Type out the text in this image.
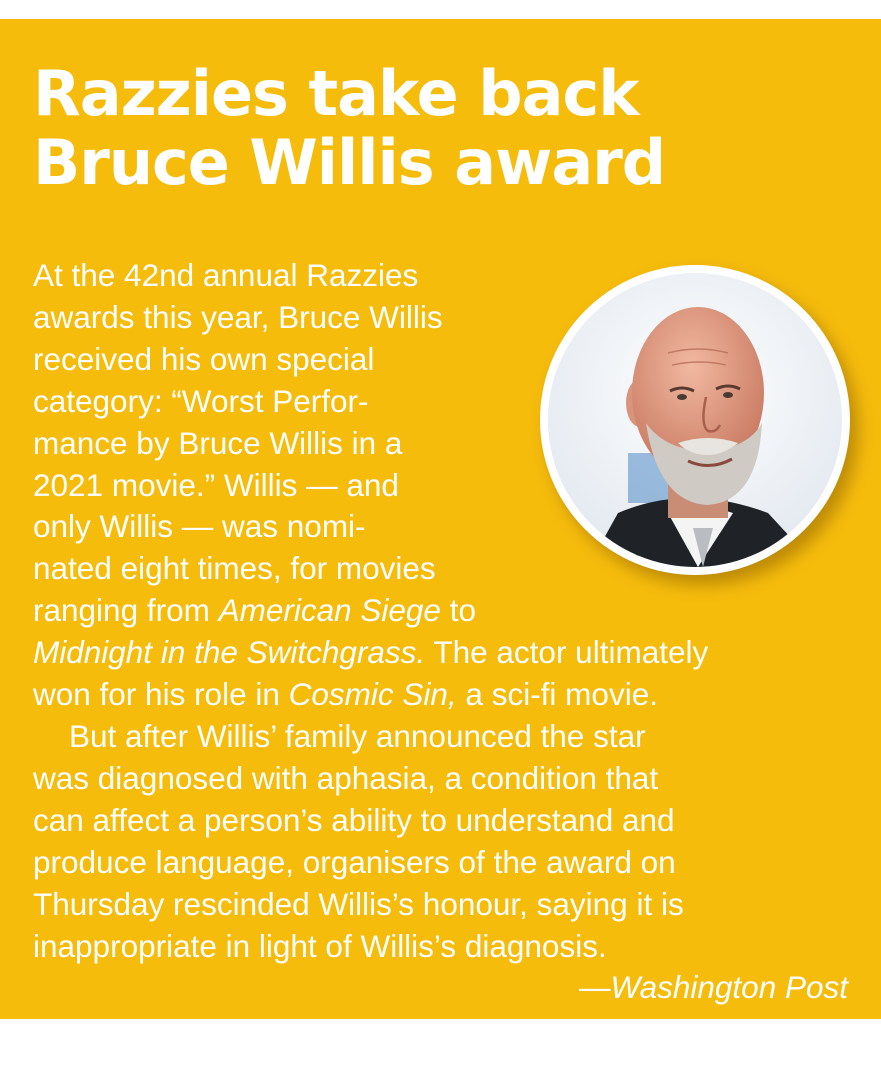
Razzies take back
Bruce Willis award
At the 42nd annual Razzies
awards this year, Bruce Willis
received his own special
category: “Worst Perfor-
mance by Bruce Willis in a
2021 movie.” Willis — and
only Willis — was nomi-
nated eight times, for movies
ranging from American Siege to
Midnight in the Switchgrass. The actor ultimately
won for his role in Cosmic Sin, a sci-fi movie.
But after Willis’ family announced the star
was diagnosed with aphasia, a condition that
can affect a person’s ability to understand and
produce language, organisers of the award on
Thursday rescinded Willis’s honour, saying it is
inappropriate in light of Willis’s diagnosis.
—Washington Post
